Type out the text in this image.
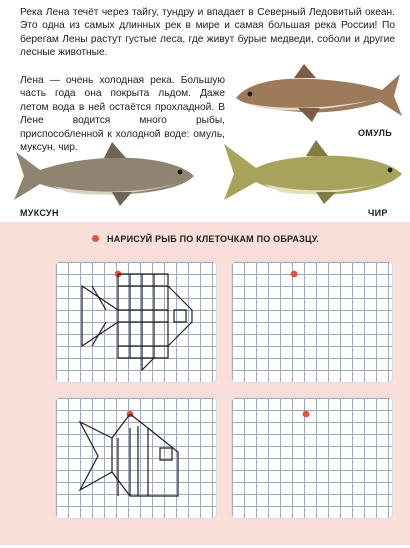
Река Лена течёт через тайгу, тундру и впадает в Северный Ледовитый океан. Это одна из самых длинных рек в мире и самая большая река России! По берегам Лены растут густые леса, где живут бурые медведи, соболи и другие лесные животные.

Лена — очень холодная река. Большую часть года она покрыта льдом. Даже летом вода в ней остаётся прохладной. В Лене водится много рыбы, приспособленной к холодной воде: омуль, муксун, чир.

ОМУЛЬ
МУКСУН	ЧИР
НАРИСУЙ РЫБ ПО КЛЕТОЧКАМ ПО ОБРАЗЦУ.
